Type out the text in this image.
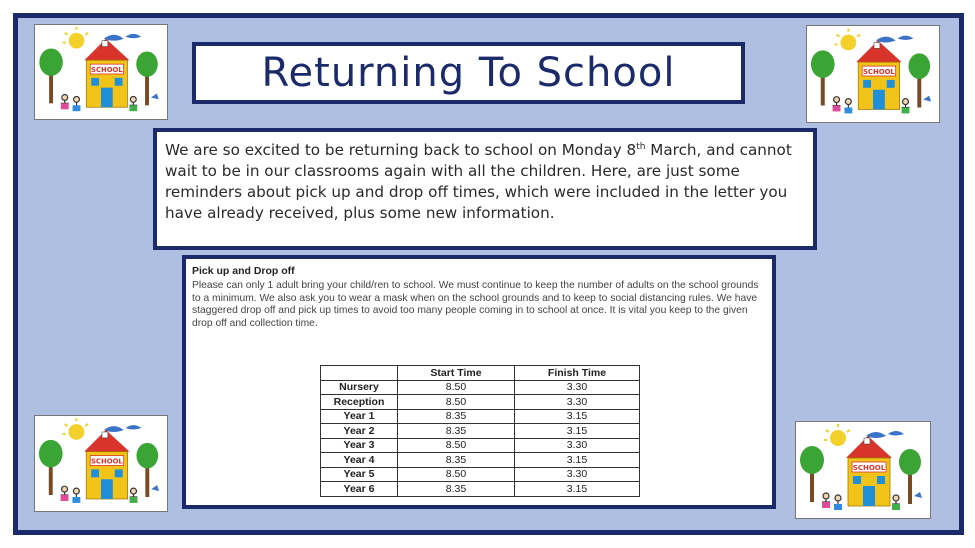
Returning To School
We are so excited to be returning back to school on Monday 8th March, and cannot wait to be in our classrooms again with all the children. Here, are just some reminders about pick up and drop off times, which were included in the letter you have already received, plus some new information.
Pick up and Drop off
Please can only 1 adult bring your child/ren to school. We must continue to keep the number of adults on the school grounds to a minimum. We also ask you to wear a mask when on the school grounds and to keep to social distancing rules. We have staggered drop off and pick up times to avoid too many people coming in to school at once. It is vital you keep to the given drop off and collection time.
	Start Time	Finish Time
Nursery	8.50	3.30
Reception	8.50	3.30
Year 1	8.35	3.15
Year 2	8.35	3.15
Year 3	8.50	3.30
Year 4	8.35	3.15
Year 5	8.50	3.30
Year 6	8.35	3.15
SCHOOL	SCHOOL
SCHOOL
SCHOOL
